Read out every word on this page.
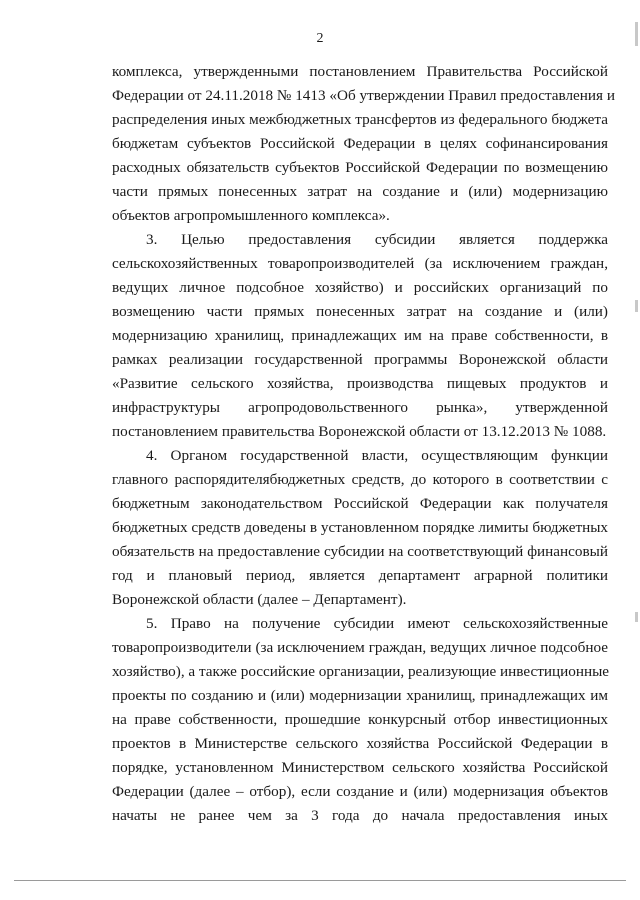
2
комплекса, утвержденными постановлением Правительства Российской
Федерации от 24.11.2018 № 1413 «Об утверждении Правил предоставления и
распределения иных межбюджетных трансфертов из федерального бюджета
бюджетам субъектов Российской Федерации в целях софинансирования
расходных обязательств субъектов Российской Федерации по возмещению
части прямых понесенных затрат на создание и (или) модернизацию
объектов агропромышленного комплекса».
3. Целью предоставления субсидии является поддержка
сельскохозяйственных товаропроизводителей (за исключением граждан,
ведущих личное подсобное хозяйство) и российских организаций по
возмещению части прямых понесенных затрат на создание и (или)
модернизацию хранилищ, принадлежащих им на праве собственности, в
рамках реализации государственной программы Воронежской области
«Развитие сельского хозяйства, производства пищевых продуктов и
инфраструктуры агропродовольственного рынка», утвержденной
постановлением правительства Воронежской области от 13.12.2013 № 1088.
4. Органом государственной власти, осуществляющим функции
главного распорядителябюджетных средств, до которого в соответствии с
бюджетным законодательством Российской Федерации как получателя
бюджетных средств доведены в установленном порядке лимиты бюджетных
обязательств на предоставление субсидии на соответствующий финансовый
год и плановый период, является департамент аграрной политики
Воронежской области (далее – Департамент).
5. Право на получение субсидии имеют сельскохозяйственные
товаропроизводители (за исключением граждан, ведущих личное подсобное
хозяйство), а также российские организации, реализующие инвестиционные
проекты по созданию и (или) модернизации хранилищ, принадлежащих им
на праве собственности, прошедшие конкурсный отбор инвестиционных
проектов в Министерстве сельского хозяйства Российской Федерации в
порядке, установленном Министерством сельского хозяйства Российской
Федерации (далее – отбор), если создание и (или) модернизация объектов
начаты не ранее чем за 3 года до начала предоставления иных
